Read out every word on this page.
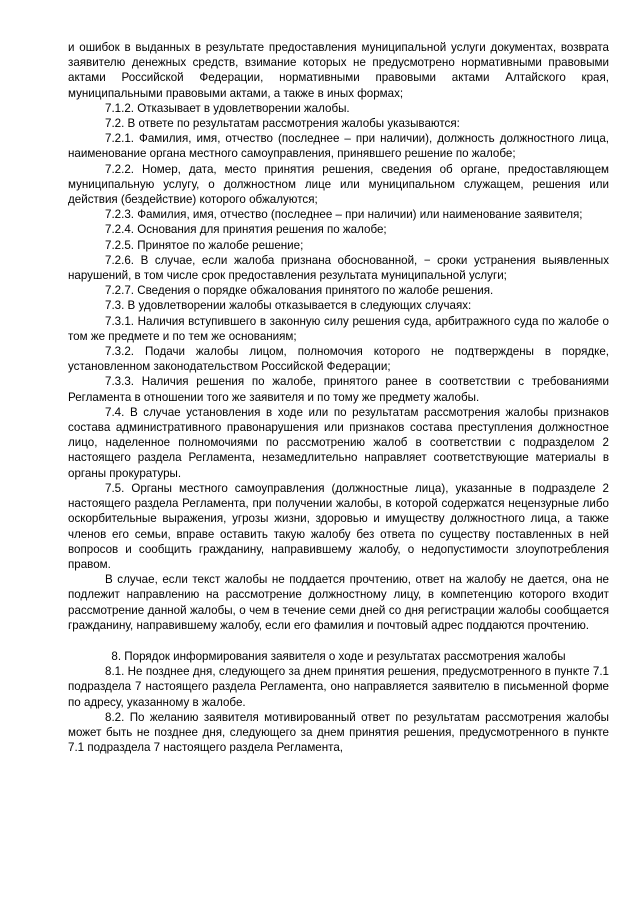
и ошибок в выданных в результате предоставления муниципальной услуги документах, возврата заявителю денежных средств, взимание которых не предусмотрено нормативными правовыми актами Российской Федерации, нормативными правовыми актами Алтайского края, муниципальными правовыми актами, а также в иных формах;

7.1.2. Отказывает в удовлетворении жалобы.

7.2. В ответе по результатам рассмотрения жалобы указываются:

7.2.1. Фамилия, имя, отчество (последнее – при наличии), должность должностного лица, наименование органа местного самоуправления, принявшего решение по жалобе;

7.2.2. Номер, дата, место принятия решения, сведения об органе, предоставляющем муниципальную услугу, о должностном лице или муниципальном служащем, решения или действия (бездействие) которого обжалуются;

7.2.3. Фамилия, имя, отчество (последнее – при наличии) или наименование заявителя;

7.2.4. Основания для принятия решения по жалобе;

7.2.5. Принятое по жалобе решение;

7.2.6. В случае, если жалоба признана обоснованной, − сроки устранения выявленных нарушений, в том числе срок предоставления результата муниципальной услуги;

7.2.7. Сведения о порядке обжалования принятого по жалобе решения.

7.3. В удовлетворении жалобы отказывается в следующих случаях:

7.3.1. Наличия вступившего в законную силу решения суда, арбитражного суда по жалобе о том же предмете и по тем же основаниям;

7.3.2. Подачи жалобы лицом, полномочия которого не подтверждены в порядке, установленном законодательством Российской Федерации;

7.3.3. Наличия решения по жалобе, принятого ранее в соответствии с требованиями Регламента в отношении того же заявителя и по тому же предмету жалобы.

7.4. В случае установления в ходе или по результатам рассмотрения жалобы признаков состава административного правонарушения или признаков состава преступления должностное лицо, наделенное полномочиями по рассмотрению жалоб в соответствии с подразделом 2 настоящего раздела Регламента, незамедлительно направляет соответствующие материалы в органы прокуратуры.

7.5. Органы местного самоуправления (должностные лица), указанные в подразделе 2 настоящего раздела Регламента, при получении жалобы, в которой содержатся нецензурные либо оскорбительные выражения, угрозы жизни, здоровью и имуществу должностного лица, а также членов его семьи, вправе оставить такую жалобу без ответа по существу поставленных в ней вопросов и сообщить гражданину, направившему жалобу, о недопустимости злоупотребления правом.

В случае, если текст жалобы не поддается прочтению, ответ на жалобу не дается, она не подлежит направлению на рассмотрение должностному лицу, в компетенцию которого входит рассмотрение данной жалобы, о чем в течение семи дней со дня регистрации жалобы сообщается гражданину, направившему жалобу, если его фамилия и почтовый адрес поддаются прочтению.

8. Порядок информирования заявителя о ходе и результатах рассмотрения жалобы

8.1. Не позднее дня, следующего за днем принятия решения, предусмотренного в пункте 7.1 подраздела 7 настоящего раздела Регламента, оно направляется заявителю в письменной форме по адресу, указанному в жалобе.

8.2. По желанию заявителя мотивированный ответ по результатам рассмотрения жалобы может быть не позднее дня, следующего за днем принятия решения, предусмотренного в пункте 7.1 подраздела 7 настоящего раздела Регламента,
